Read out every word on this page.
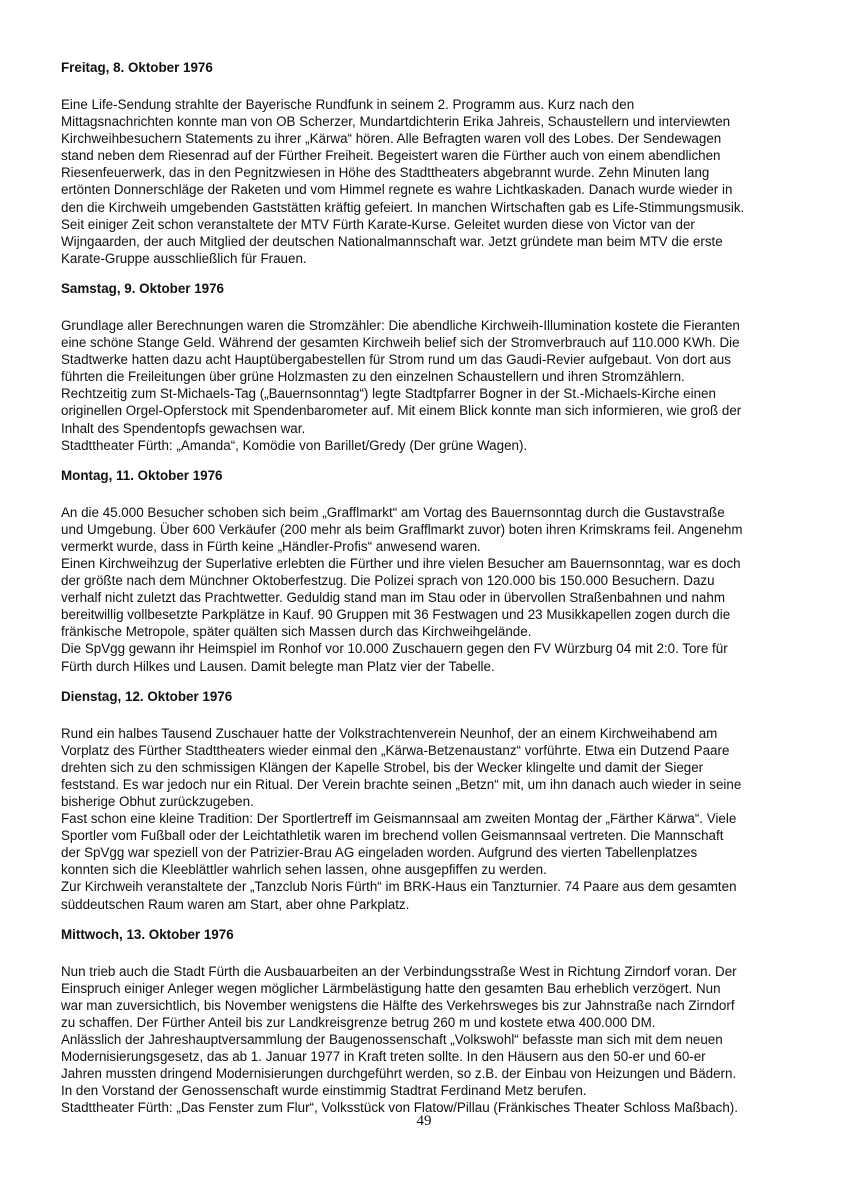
Freitag, 8. Oktober 1976

Eine Life-Sendung strahlte der Bayerische Rundfunk in seinem 2. Programm aus. Kurz nach den

Mittagsnachrichten konnte man von OB Scherzer, Mundartdichterin Erika Jahreis, Schaustellern und interviewten

Kirchweihbesuchern Statements zu ihrer „Kärwa“ hören. Alle Befragten waren voll des Lobes. Der Sendewagen

stand neben dem Riesenrad auf der Fürther Freiheit. Begeistert waren die Fürther auch von einem abendlichen

Riesenfeuerwerk, das in den Pegnitzwiesen in Höhe des Stadttheaters abgebrannt wurde. Zehn Minuten lang

ertönten Donnerschläge der Raketen und vom Himmel regnete es wahre Lichtkaskaden. Danach wurde wieder in

den die Kirchweih umgebenden Gaststätten kräftig gefeiert. In manchen Wirtschaften gab es Life-Stimmungsmusik.

Seit einiger Zeit schon veranstaltete der MTV Fürth Karate-Kurse. Geleitet wurden diese von Victor van der

Wijngaarden, der auch Mitglied der deutschen Nationalmannschaft war. Jetzt gründete man beim MTV die erste

Karate-Gruppe ausschließlich für Frauen.

Samstag, 9. Oktober 1976

Grundlage aller Berechnungen waren die Stromzähler: Die abendliche Kirchweih-Illumination kostete die Fieranten

eine schöne Stange Geld. Während der gesamten Kirchweih belief sich der Stromverbrauch auf 110.000 KWh. Die

Stadtwerke hatten dazu acht Hauptübergabestellen für Strom rund um das Gaudi-Revier aufgebaut. Von dort aus

führten die Freileitungen über grüne Holzmasten zu den einzelnen Schaustellern und ihren Stromzählern.

Rechtzeitig zum St-Michaels-Tag („Bauernsonntag“) legte Stadtpfarrer Bogner in der St.-Michaels-Kirche einen

originellen Orgel-Opferstock mit Spendenbarometer auf. Mit einem Blick konnte man sich informieren, wie groß der

Inhalt des Spendentopfs gewachsen war.

Stadttheater Fürth: „Amanda“, Komödie von Barillet/Gredy (Der grüne Wagen).

Montag, 11. Oktober 1976

An die 45.000 Besucher schoben sich beim „Grafflmarkt“ am Vortag des Bauernsonntag durch die Gustavstraße

und Umgebung. Über 600 Verkäufer (200 mehr als beim Grafflmarkt zuvor) boten ihren Krimskrams feil. Angenehm

vermerkt wurde, dass in Fürth keine „Händler-Profis“ anwesend waren.

Einen Kirchweihzug der Superlative erlebten die Fürther und ihre vielen Besucher am Bauernsonntag, war es doch

der größte nach dem Münchner Oktoberfestzug. Die Polizei sprach von 120.000 bis 150.000 Besuchern. Dazu

verhalf nicht zuletzt das Prachtwetter. Geduldig stand man im Stau oder in übervollen Straßenbahnen und nahm

bereitwillig vollbesetzte Parkplätze in Kauf. 90 Gruppen mit 36 Festwagen und 23 Musikkapellen zogen durch die

fränkische Metropole, später quälten sich Massen durch das Kirchweihgelände.

Die SpVgg gewann ihr Heimspiel im Ronhof vor 10.000 Zuschauern gegen den FV Würzburg 04 mit 2:0. Tore für

Fürth durch Hilkes und Lausen. Damit belegte man Platz vier der Tabelle.

Dienstag, 12. Oktober 1976

Rund ein halbes Tausend Zuschauer hatte der Volkstrachtenverein Neunhof, der an einem Kirchweihabend am

Vorplatz des Fürther Stadttheaters wieder einmal den „Kärwa-Betzenaustanz“ vorführte. Etwa ein Dutzend Paare

drehten sich zu den schmissigen Klängen der Kapelle Strobel, bis der Wecker klingelte und damit der Sieger

feststand. Es war jedoch nur ein Ritual. Der Verein brachte seinen „Betzn“ mit, um ihn danach auch wieder in seine

bisherige Obhut zurückzugeben.

Fast schon eine kleine Tradition: Der Sportlertreff im Geismannsaal am zweiten Montag der „Färther Kärwa“. Viele

Sportler vom Fußball oder der Leichtathletik waren im brechend vollen Geismannsaal vertreten. Die Mannschaft

der SpVgg war speziell von der Patrizier-Brau AG eingeladen worden. Aufgrund des vierten Tabellenplatzes

konnten sich die Kleeblättler wahrlich sehen lassen, ohne ausgepfiffen zu werden.

Zur Kirchweih veranstaltete der „Tanzclub Noris Fürth“ im BRK-Haus ein Tanzturnier. 74 Paare aus dem gesamten

süddeutschen Raum waren am Start, aber ohne Parkplatz.

Mittwoch, 13. Oktober 1976

Nun trieb auch die Stadt Fürth die Ausbauarbeiten an der Verbindungsstraße West in Richtung Zirndorf voran. Der

Einspruch einiger Anleger wegen möglicher Lärmbelästigung hatte den gesamten Bau erheblich verzögert. Nun

war man zuversichtlich, bis November wenigstens die Hälfte des Verkehrsweges bis zur Jahnstraße nach Zirndorf

zu schaffen. Der Fürther Anteil bis zur Landkreisgrenze betrug 260 m und kostete etwa 400.000 DM.

Anlässlich der Jahreshauptversammlung der Baugenossenschaft „Volkswohl“ befasste man sich mit dem neuen

Modernisierungsgesetz, das ab 1. Januar 1977 in Kraft treten sollte. In den Häusern aus den 50-er und 60-er

Jahren mussten dringend Modernisierungen durchgeführt werden, so z.B. der Einbau von Heizungen und Bädern.

In den Vorstand der Genossenschaft wurde einstimmig Stadtrat Ferdinand Metz berufen.

Stadttheater Fürth: „Das Fenster zum Flur“, Volksstück von Flatow/Pillau (Fränkisches Theater Schloss Maßbach).

49
